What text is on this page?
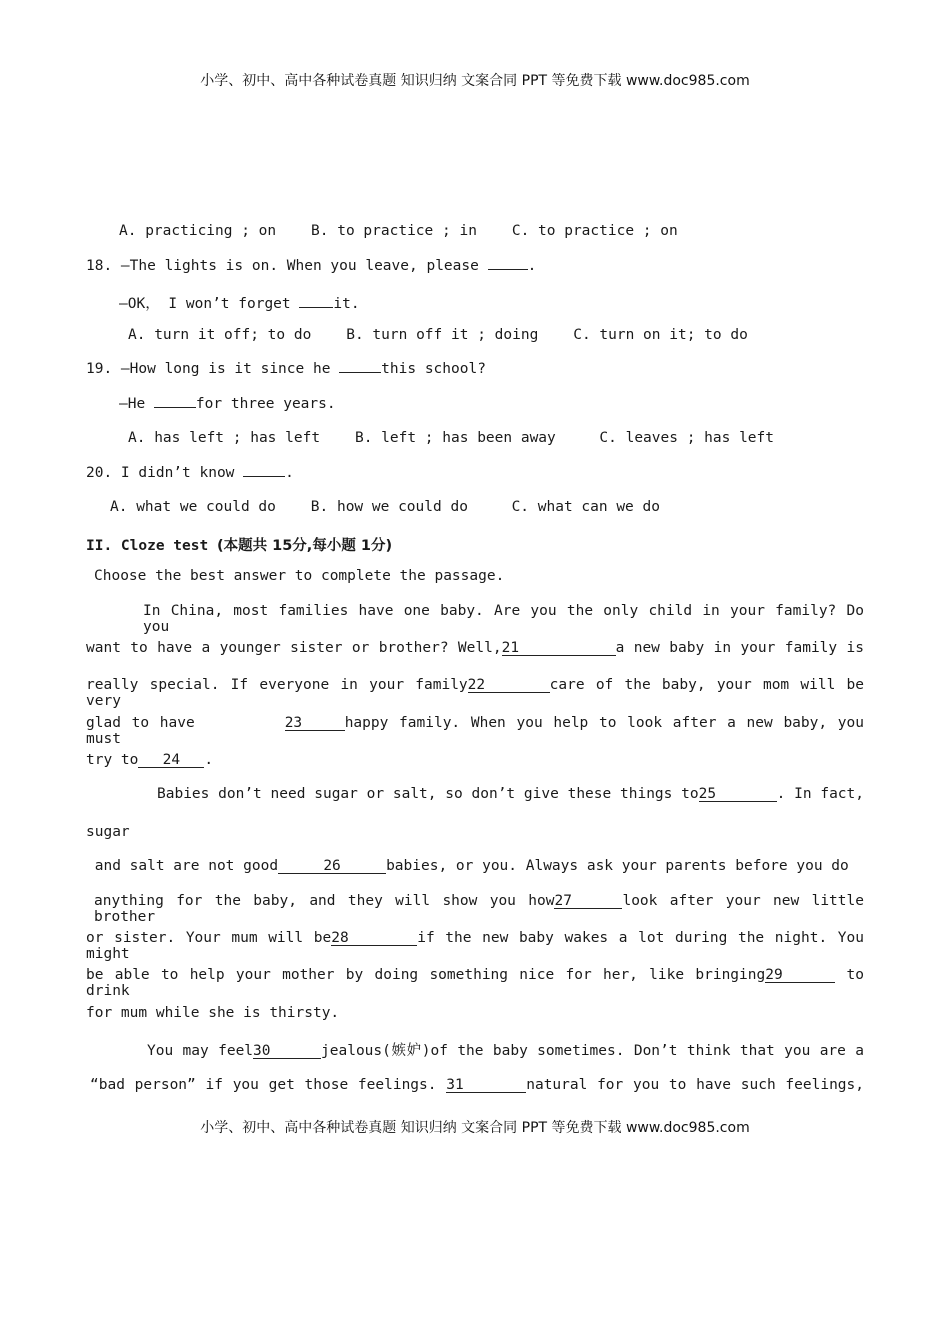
小学、初中、高中各种试卷真题 知识归纳 文案合同 PPT 等免费下载 www.doc985.com
小学、初中、高中各种试卷真题 知识归纳 文案合同 PPT 等免费下载 www.doc985.com
A. practicing ; on    B. to practice ; in    C. to practice ; on
18. —The lights is on. When you leave, please	.
—OK， I won’t forget it.
A. turn it off; to do    B. turn off it ; doing    C. turn on it; to do
19. —How long is it since he	this school?
—He	for three years.
A. has left ; has left    B. left ; has been away     C. leaves ; has left
20. I didn’t know	.
A. what we could do    B. how we could do     C. what can we do
II. Cloze test (本题共 15分,每小题 1分)
Choose the best answer to complete the passage.
In China, most families have one baby. Are you the only child in your family? Do you
want to have a younger sister or brother? Well,21	a new baby in your family is
really special. If everyone in your family22	care of the baby, your mom will be very
glad to have	23	happy family. When you help to look after a new baby, you must
try to 24 .
Babies don’t need sugar or salt, so don’t give these things to25	. In fact,
sugar
and salt are not good	26	babies, or you. Always ask your parents before you do
anything for the baby, and they will show you how27	look after your new little brother
or sister. Your mum will be28	if the new baby wakes a lot during the night. You might
be able to help your mother by doing something nice for her, like bringing29	to drink
for mum while she is thirsty.
You may feel30	jealous(嫉妒)of the baby sometimes. Don’t think that you are a
“bad person” if you get those feelings. 31	natural for you to have such feelings,
